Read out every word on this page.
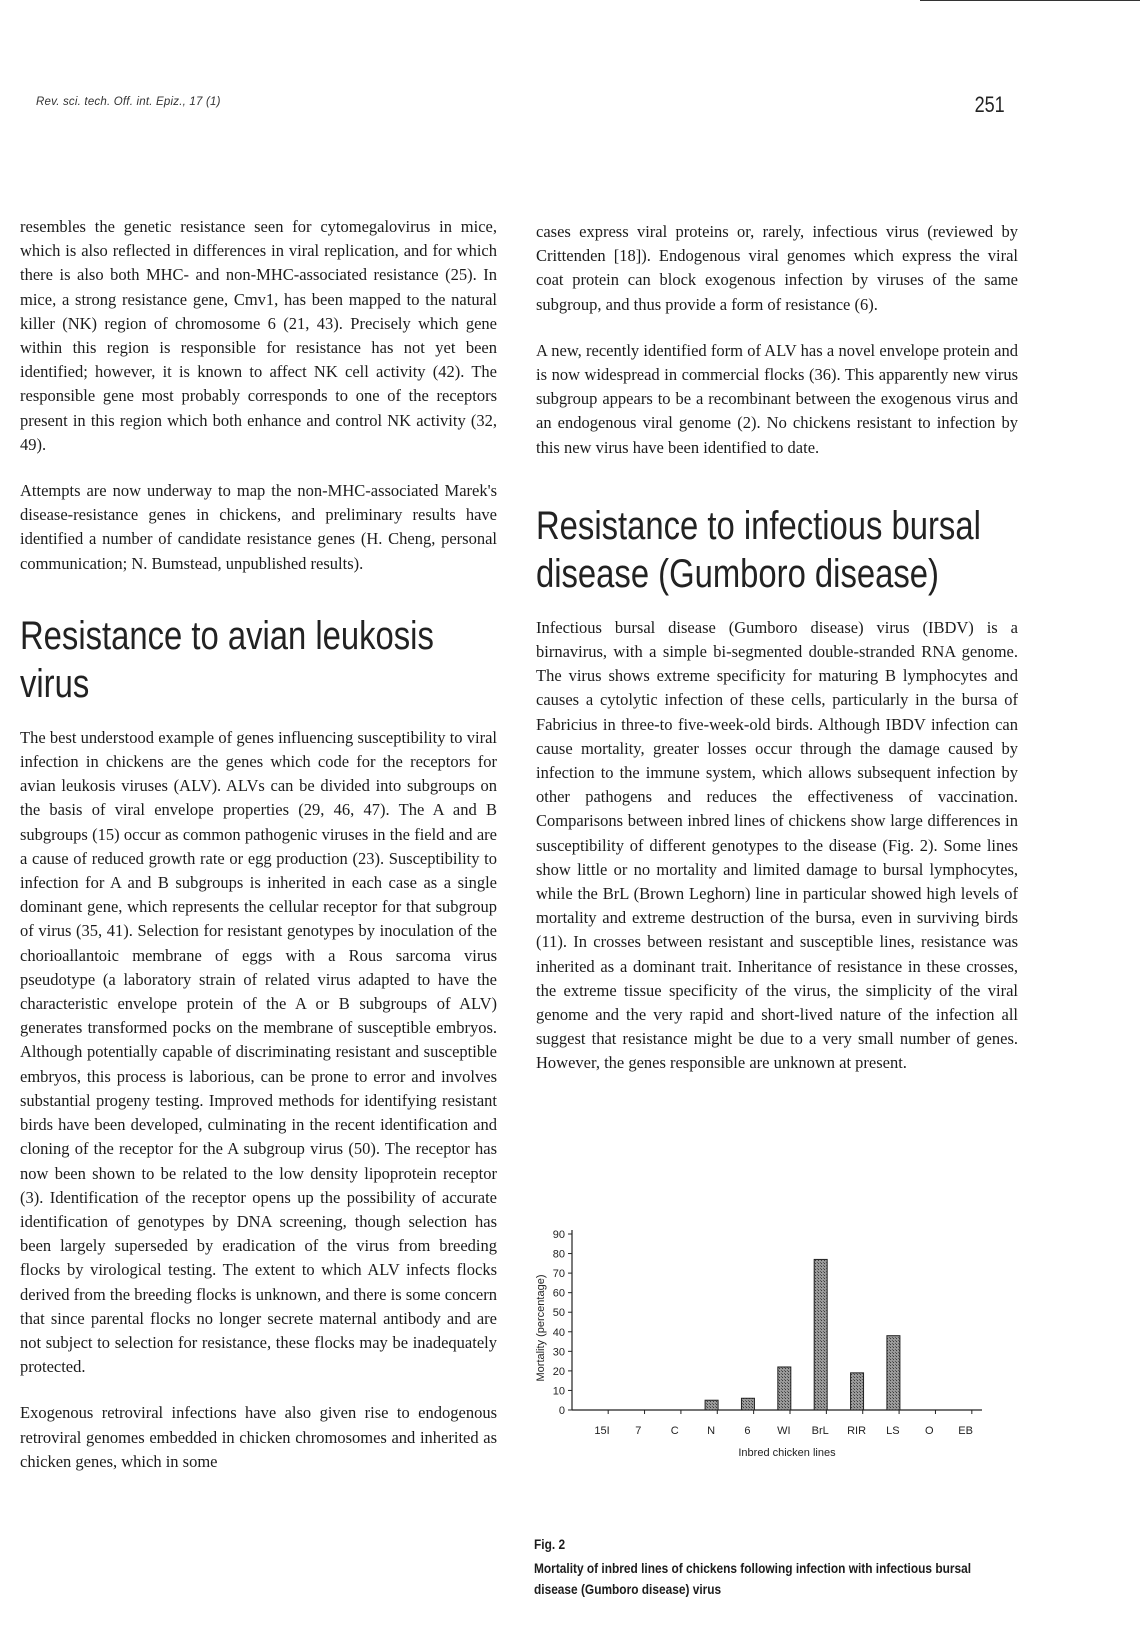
Rev. sci. tech. Off. int. Epiz., 17 (1)	251

resembles the genetic resistance seen for cytomegalovirus in mice, which is also reflected in differences in viral replication, and for which there is also both MHC- and non-MHC-associated resistance (25). In mice, a strong resistance gene, Cmv1, has been mapped to the natural killer (NK) region of chromosome 6 (21, 43). Precisely which gene within this region is responsible for resistance has not yet been identified; however, it is known to affect NK cell activity (42). The responsible gene most probably corresponds to one of the receptors present in this region which both enhance and control NK activity (32, 49).

Attempts are now underway to map the non-MHC-associated Marek's disease-resistance genes in chickens, and preliminary results have identified a number of candidate resistance genes (H. Cheng, personal communication; N. Bumstead, unpublished results).

Resistance to avian leukosis virus

The best understood example of genes influencing susceptibility to viral infection in chickens are the genes which code for the receptors for avian leukosis viruses (ALV). ALVs can be divided into subgroups on the basis of viral envelope properties (29, 46, 47). The A and B subgroups (15) occur as common pathogenic viruses in the field and are a cause of reduced growth rate or egg production (23). Susceptibility to infection for A and B subgroups is inherited in each case as a single dominant gene, which represents the cellular receptor for that subgroup of virus (35, 41). Selection for resistant genotypes by inoculation of the chorioallantoic membrane of eggs with a Rous sarcoma virus pseudotype (a laboratory strain of related virus adapted to have the characteristic envelope protein of the A or B subgroups of ALV) generates transformed pocks on the membrane of susceptible embryos. Although potentially capable of discriminating resistant and susceptible embryos, this process is laborious, can be prone to error and involves substantial progeny testing. Improved methods for identifying resistant birds have been developed, culminating in the recent identification and cloning of the receptor for the A subgroup virus (50). The receptor has now been shown to be related to the low density lipoprotein receptor (3). Identification of the receptor opens up the possibility of accurate identification of genotypes by DNA screening, though selection has been largely superseded by eradication of the virus from breeding flocks by virological testing. The extent to which ALV infects flocks derived from the breeding flocks is unknown, and there is some concern that since parental flocks no longer secrete maternal antibody and are not subject to selection for resistance, these flocks may be inadequately protected.

Exogenous retroviral infections have also given rise to endogenous retroviral genomes embedded in chicken chromosomes and inherited as chicken genes, which in some

cases express viral proteins or, rarely, infectious virus (reviewed by Crittenden [18]). Endogenous viral genomes which express the viral coat protein can block exogenous infection by viruses of the same subgroup, and thus provide a form of resistance (6).

A new, recently identified form of ALV has a novel envelope protein and is now widespread in commercial flocks (36). This apparently new virus subgroup appears to be a recombinant between the exogenous virus and an endogenous viral genome (2). No chickens resistant to infection by this new virus have been identified to date.

Resistance to infectious bursal disease (Gumboro disease)

Infectious bursal disease (Gumboro disease) virus (IBDV) is a birnavirus, with a simple bi-segmented double-stranded RNA genome. The virus shows extreme specificity for maturing B lymphocytes and causes a cytolytic infection of these cells, particularly in the bursa of Fabricius in three-to five-week-old birds. Although IBDV infection can cause mortality, greater losses occur through the damage caused by infection to the immune system, which allows subsequent infection by other pathogens and reduces the effectiveness of vaccination. Comparisons between inbred lines of chickens show large differences in susceptibility of different genotypes to the disease (Fig. 2). Some lines show little or no mortality and limited damage to bursal lymphocytes, while the BrL (Brown Leghorn) line in particular showed high levels of mortality and extreme destruction of the bursa, even in surviving birds (11). In crosses between resistant and susceptible lines, resistance was inherited as a dominant trait. Inheritance of resistance in these crosses, the extreme tissue specificity of the virus, the simplicity of the viral genome and the very rapid and short-lived nature of the infection all suggest that resistance might be due to a very small number of genes. However, the genes responsible are unknown at present.

0
10
20
30
40
50
60
70
80
90
15I 7	C	N	6 WI BrL RIR LS O EB
Inbred chicken lines
Mortality (percentage)
Fig. 2
Mortality of inbred lines of chickens following infection with infectious bursal disease (Gumboro disease) virus
